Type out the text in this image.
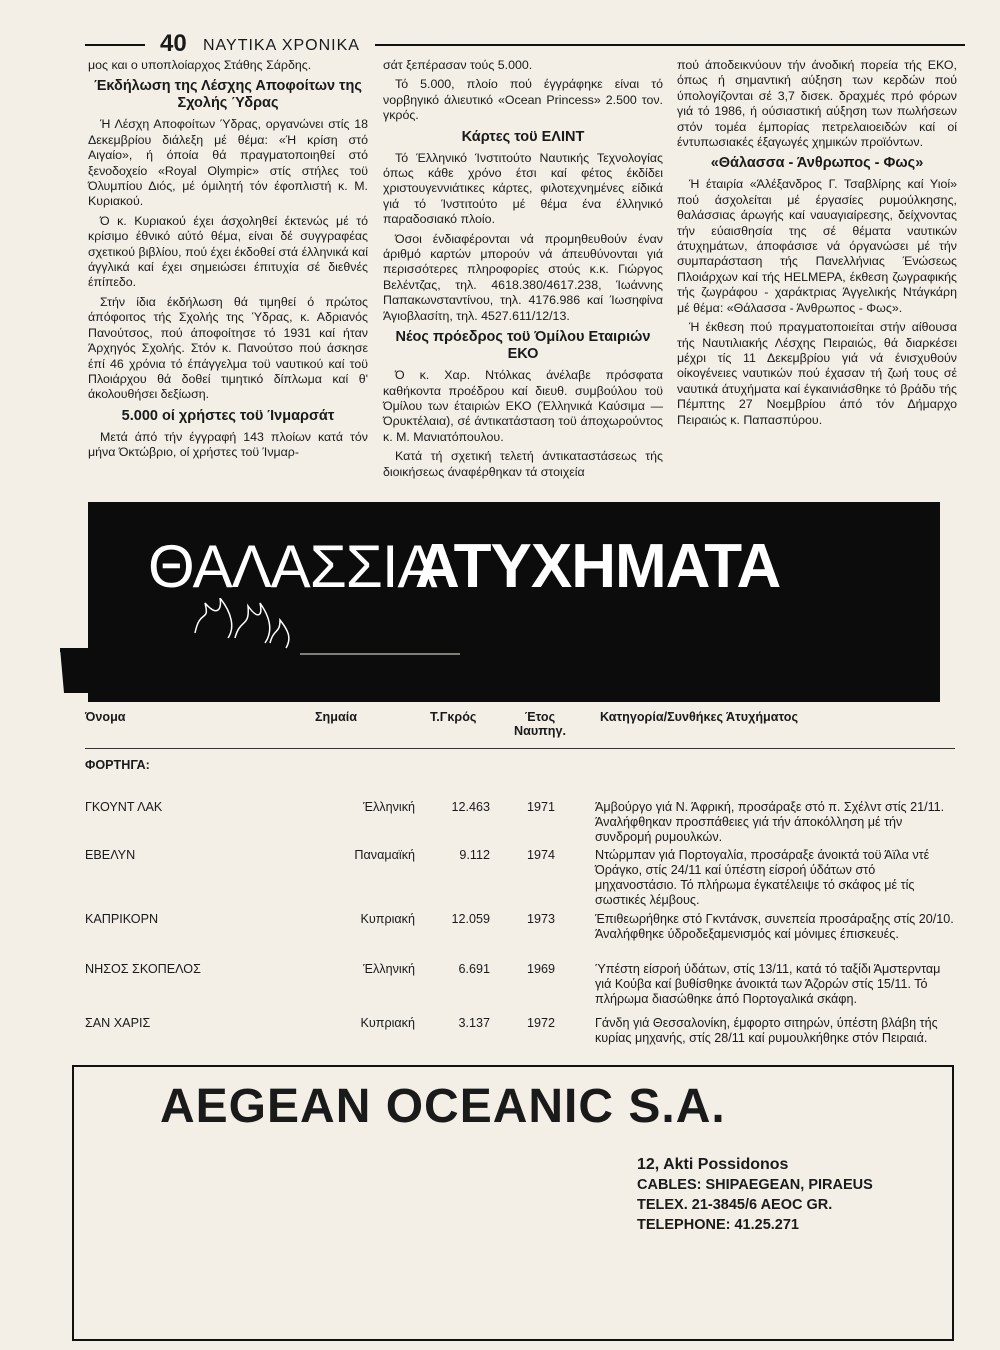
40 ΝΑΥΤΙΚΑ ΧΡΟΝΙΚΑ

μος και ο υποπλοίαρχος Στάθης Σάρδης.

Έκδήλωση της Λέσχης Αποφοίτων της Σχολής Ύδρας

Ή Λέσχη Αποφοίτων Ύδρας, οργανώνει στίς 18 Δεκεμβρίου διάλεξη μέ θέμα: «Ή κρίση στό Αιγαίο», ή όποία θά πραγματοποιηθεί στό ξενοδοχείο «Royal Olympic» στίς στήλες τοϋ Όλυμπίου Διός, μέ όμιλητή τόν έφοπλιστή κ. Μ. Κυριακού.

Ό κ. Κυριακού έχει άσχοληθεί έκτενώς μέ τό κρίσιμο έθνικό αύτό θέμα, είναι δέ συγγραφέας σχετικού βιβλίου, πού έχει έκδοθεί στά έλληνικά καί άγγλικά καί έχει σημειώσει έπιτυχία σέ διεθνές έπίπεδο.

Στήν ίδια έκδήλωση θά τιμηθεί ό πρώτος άπόφοιτος τής Σχολής της Ύδρας, κ. Αδριανός Πανούτσος, πού άποφοίτησε τό 1931 καί ήταν Άρχηγός Σχολής. Στόν κ. Πανούτσο πού άσκησε έπί 46 χρόνια τό έπάγγελμα τοϋ ναυτικού καί τοϋ Πλοιάρχου θά δοθεί τιμητικό δίπλωμα καί θ' άκολουθήσει δεξίωση.

5.000 οί χρήστες τοϋ Ίνμαρσάτ

Μετά άπό τήν έγγραφή 143 πλοίων κατά τόν μήνα Όκτώβριο, οί χρήστες τοϋ Ίνμαρ-

σάτ ξεπέρασαν τούς 5.000.

Τό 5.000, πλοίο πού έγγράφηκε είναι τό νορβηγικό άλιευτικό «Ocean Princess» 2.500 τον. γκρός.

Κάρτες τοϋ ΕΛΙΝΤ

Τό Έλληνικό Ίνστιτούτο Ναυτικής Τεχνολογίας όπως κάθε χρόνο έτσι καί φέτος έκδίδει χριστουγεννιάτικες κάρτες, φιλοτεχνημένες είδικά γιά τό Ίνστιτούτο μέ θέμα ένα έλληνικό παραδοσιακό πλοίο.

Όσοι ένδιαφέρονται νά προμηθευθούν έναν άριθμό καρτών μπορούν νά άπευθύνονται γιά περισσότερες πληροφορίες στούς κ.κ. Γιώργος Βελέντζας, τηλ. 4618.380/4617.238, Ίωάννης Παπακωνσταντίνου, τηλ. 4176.986 καί Ίωσηφίνα Άγιοβλασίτη, τηλ. 4527.611/12/13.

Νέος πρόεδρος τοϋ Όμίλου Εταιριών ΕΚΟ

Ό κ. Χαρ. Ντόλκας άνέλαβε πρόσφατα καθήκοντα προέδρου καί διευθ. συμβούλου τοϋ Όμίλου των έταιριών ΕΚΟ (Έλληνικά Καύσιμα — Όρυκτέλαια), σέ άντικατάσταση τοϋ άποχωρούντος κ. Μ. Μανιατόπουλου.

Κατά τή σχετική τελετή άντικαταστάσεως τής διοικήσεως άναφέρθηκαν τά στοιχεία

πού άποδεικνύουν τήν άνοδική πορεία τής ΕΚΟ, όπως ή σημαντική αύξηση των κερδών πού ύπολογίζονται σέ 3,7 δισεκ. δραχμές πρό φόρων γιά τό 1986, ή ούσιαστική αύξηση των πωλήσεων στόν τομέα έμπορίας πετρελαιοειδών καί οί έντυπωσιακές έξαγωγές χημικών προϊόντων.

«Θάλασσα - Άνθρωπος - Φως»

Ή έταιρία «Άλέξανδρος Γ. Τσαβλίρης καί Υιοί» πού άσχολείται μέ έργασίες ρυμούλκησης, θαλάσσιας άρωγής καί ναυαγιαίρεσης, δείχνοντας τήν εύαισθησία της σέ θέματα ναυτικών άτυχημάτων, άποφάσισε νά όργανώσει μέ τήν συμπαράσταση τής Πανελλήνιας Ένώσεως Πλοιάρχων καί τής HELMEPA, έκθεση ζωγραφικής τής ζωγράφου - χαράκτριας Άγγελικής Ντάγκάρη μέ θέμα: «Θάλασσα - Άνθρωπος - Φως».

Ή έκθεση πού πραγματοποιείται στήν αίθουσα τής Ναυτιλιακής Λέσχης Πειραιώς, θά διαρκέσει μέχρι τίς 11 Δεκεμβρίου γιά νά ένισχυθούν οίκογένειες ναυτικών πού έχασαν τή ζωή τους σέ ναυτικά άτυχήματα καί έγκαινιάσθηκε τό βράδυ τής Πέμπτης 27 Νοεμβρίου άπό τόν Δήμαρχο Πειραιώς κ. Παπασπύρου.

ΘΑΛΑΣΣΙΑ
ΑΤΥΧΗΜΑΤΑ
Όνομα	Σημαία	Τ.Γκρός	Έτος Ναυπηγ.
Κατηγορία/Συνθήκες Άτυχήματος
ΦΟΡΤΗΓΑ:
ΓΚΟΥΝΤ ΛΑΚ	Έλληνική	12.463	1971	Άμβούργο γιά Ν. Άφρική, προσάραξε στό π. Σχέλντ στίς 21/11. Άναλήφθηκαν προσπάθειες γιά τήν άποκόλληση μέ τήν συνδρομή ρυμουλκών.
ΕΒΕΛΥΝ	Παναμαϊκή	9.112	1974	Ντώρμπαν γιά Πορτογαλία, προσάραξε άνοικτά τοϋ Άϊλα ντέ Όράγκο, στίς 24/11 καί ύπέστη είσροή ύδάτων στό μηχανοστάσιο. Τό πλήρωμα έγκατέλειψε τό σκάφος μέ τίς σωστικές λέμβους.
ΚΑΠΡΙΚΟΡΝ	Κυπριακή	12.059	1973	Έπιθεωρήθηκε στό Γκντάνσκ, συνεπεία προσάραξης στίς 20/10. Άναλήφθηκε ύδροδεξαμενισμός καί μόνιμες έπισκευές.
ΝΗΣΟΣ ΣΚΟΠΕΛΟΣ	Έλληνική	6.691	1969	Ύπέστη είσροή ύδάτων, στίς 13/11, κατά τό ταξίδι Άμστερνταμ γιά Κούβα καί βυθίσθηκε άνοικτά των Άζορών στίς 15/11. Τό πλήρωμα διασώθηκε άπό Πορτογαλικά σκάφη.
ΣΑΝ ΧΑΡΙΣ	Κυπριακή	3.137	1972	Γάνδη γιά Θεσσαλονίκη, έμφορτο σιτηρών, ύπέστη βλάβη τής κυρίας μηχανής, στίς 28/11 καί ρυμουλκήθηκε στόν Πειραιά.
AEGEAN OCEANIC S.A.
12, Akti Possidonos
CABLES: SHIPAEGEAN, PIRAEUS
TELEX. 21-3845/6 AEOC GR.
TELEPHONE: 41.25.271
